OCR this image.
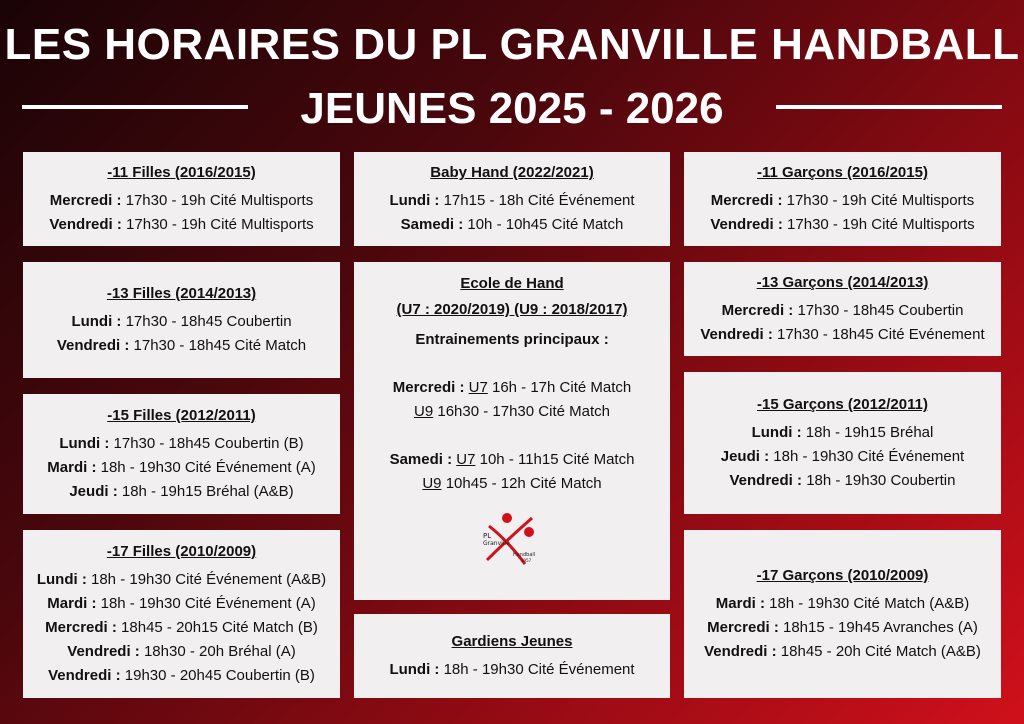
LES HORAIRES DU PL GRANVILLE HANDBALL
JEUNES 2025 - 2026
-11 Filles (2016/2015)
Mercredi : 17h30 - 19h Cité Multisports
Vendredi : 17h30 - 19h Cité Multisports
-13 Filles (2014/2013)
Lundi : 17h30 - 18h45 Coubertin
Vendredi : 17h30 - 18h45 Cité Match
-15 Filles (2012/2011)
Lundi : 17h30 - 18h45 Coubertin (B)
Mardi : 18h - 19h30 Cité Événement (A)
Jeudi : 18h - 19h15 Bréhal (A&B)
-17 Filles (2010/2009)
Lundi : 18h - 19h30 Cité Événement (A&B)
Mardi : 18h - 19h30 Cité Événement (A)
Mercredi : 18h45 - 20h15 Cité Match (B)
Vendredi : 18h30 - 20h Bréhal (A)
Vendredi : 19h30 - 20h45 Coubertin (B)
Baby Hand (2022/2021)
Lundi : 17h15 - 18h Cité Événement
Samedi : 10h - 10h45 Cité Match
Ecole de Hand
(U7 : 2020/2019) (U9 : 2018/2017)
Entrainements principaux :
Mercredi : U7 16h - 17h Cité Match
U9 16h30 - 17h30 Cité Match
Samedi : U7 10h - 11h15 Cité Match
U9 10h45 - 12h Cité Match
PL
Granville
Handball
1957
Gardiens Jeunes
Lundi : 18h - 19h30 Cité Événement
-11 Garçons (2016/2015)
Mercredi : 17h30 - 19h Cité Multisports
Vendredi : 17h30 - 19h Cité Multisports
-13 Garçons (2014/2013)
Mercredi : 17h30 - 18h45 Coubertin
Vendredi : 17h30 - 18h45 Cité Evénement
-15 Garçons (2012/2011)
Lundi : 18h - 19h15 Bréhal
Jeudi : 18h - 19h30 Cité Événement
Vendredi : 18h - 19h30 Coubertin
-17 Garçons (2010/2009)
Mardi : 18h - 19h30 Cité Match (A&B)
Mercredi : 18h15 - 19h45 Avranches (A)
Vendredi : 18h45 - 20h Cité Match (A&B)
